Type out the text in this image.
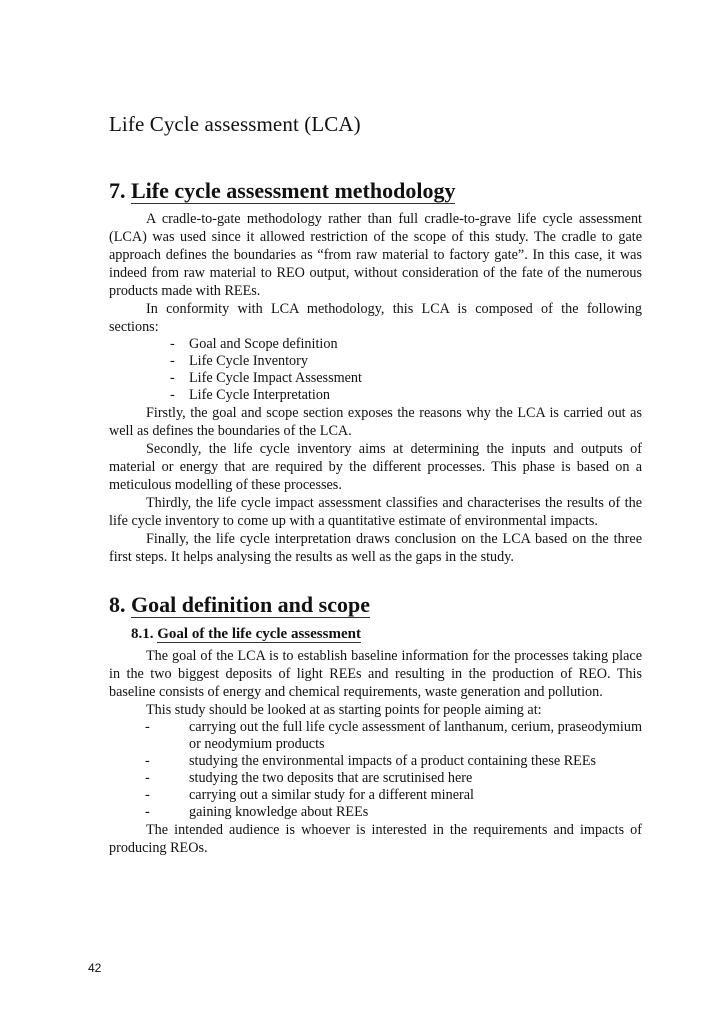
Life Cycle assessment (LCA)
7. Life cycle assessment methodology

A cradle-to-gate methodology rather than full cradle-to-grave life cycle assessment (LCA) was used since it allowed restriction of the scope of this study. The cradle to gate approach defines the boundaries as “from raw material to factory gate”. In this case, it was indeed from raw material to REO output, without consideration of the fate of the numerous products made with REEs.

In conformity with LCA methodology, this LCA is composed of the following sections:

- Goal and Scope definition
- Life Cycle Inventory
- Life Cycle Impact Assessment
- Life Cycle Interpretation

Firstly, the goal and scope section exposes the reasons why the LCA is carried out as well as defines the boundaries of the LCA.

Secondly, the life cycle inventory aims at determining the inputs and outputs of material or energy that are required by the different processes. This phase is based on a meticulous modelling of these processes.

Thirdly, the life cycle impact assessment classifies and characterises the results of the life cycle inventory to come up with a quantitative estimate of environmental impacts.

Finally, the life cycle interpretation draws conclusion on the LCA based on the three first steps. It helps analysing the results as well as the gaps in the study.

8. Goal definition and scope
8.1. Goal of the life cycle assessment

The goal of the LCA is to establish baseline information for the processes taking place in the two biggest deposits of light REEs and resulting in the production of REO. This baseline consists of energy and chemical requirements, waste generation and pollution.

This study should be looked at as starting points for people aiming at:

-	carrying out the full life cycle assessment of lanthanum, cerium, praseodymium or neodymium products
-	studying the environmental impacts of a product containing these REEs
-	studying the two deposits that are scrutinised here
-	carrying out a similar study for a different mineral
-	gaining knowledge about REEs

The intended audience is whoever is interested in the requirements and impacts of producing REOs.

42
